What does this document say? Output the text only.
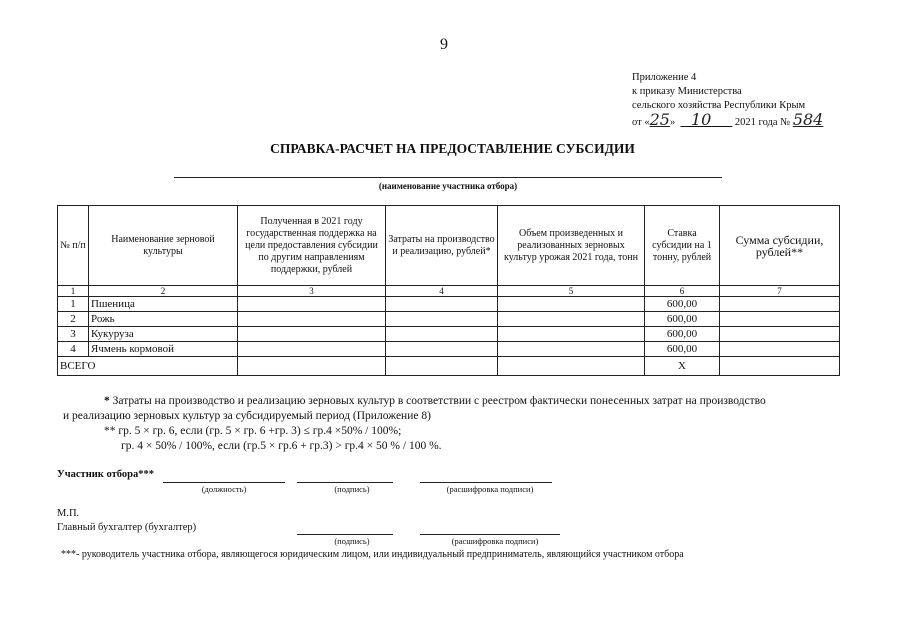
9
Приложение 4
к приказу Министерства
сельского хозяйства Республики Крым
от «25» 10 2021 года № 584
СПРАВКА-РАСЧЕТ НА ПРЕДОСТАВЛЕНИЕ СУБСИДИИ
(наименование участника отбора)
№ п/п	Наименование зерновой культуры	Полученная в 2021 году государственная поддержка на цели предоставления субсидии по другим направлениям поддержки, рублей	Затраты на производство и реализацию, рублей*	Объем произведенных и реализованных зерновых культур урожая 2021 года, тонн	Ставка субсидии на 1 тонну, рублей	Сумма субсидии, рублей**
1	2	3	4	5	6	7
1	Пшеница				600,00	
2	Рожь				600,00	
3	Кукуруза				600,00	
4	Ячмень кормовой				600,00	
ВСЕГО					X	
* Затраты на производство и реализацию зерновых культур в соответствии с реестром фактически понесенных затрат на производство
и реализацию зерновых культур за субсидируемый период (Приложение 8)
** гр. 5 × гр. 6, если (гр. 5 × гр. 6 +гр. 3) ≤ гр.4 ×50% / 100%;
гр. 4 × 50% / 100%, если (гр.5 × гр.6 + гр.3) > гр.4 × 50 % / 100 %.
Участник отбора***
(должность)	(подпись)	(расшифровка подписи)
М.П.
Главный бухгалтер (бухгалтер)
(подпись)	(расшифровка подписи)
***- руководитель участника отбора, являющегося юридическим лицом, или индивидуальный предприниматель, являющийся участником отбора
